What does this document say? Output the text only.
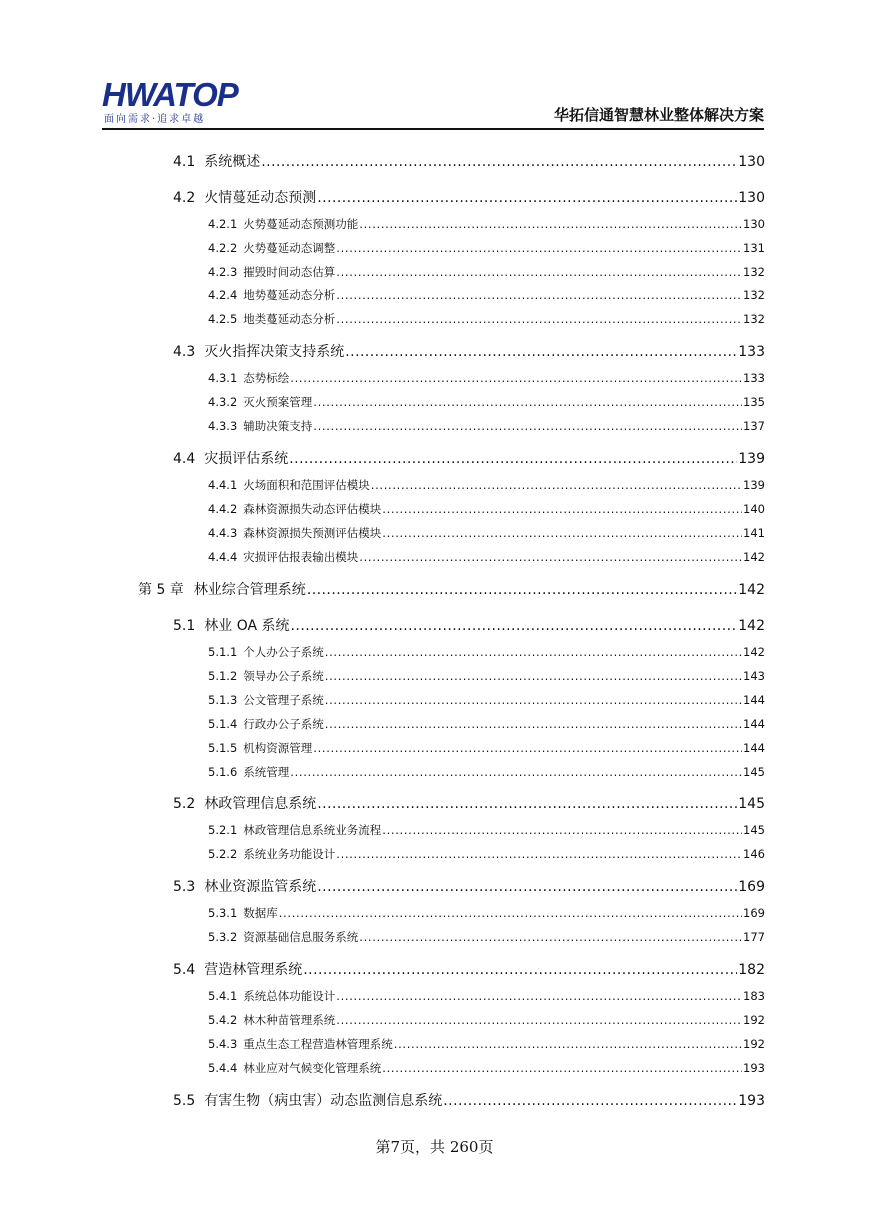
HWATOP
面向需求·追求卓越	华拓信通智慧林业整体解决方案
4.1 系统概述 . . .	130
4.2 火情蔓延动态预测 . . .	130
4.2.1 火势蔓延动态预测功能 . . .	130
4.2.2 火势蔓延动态调整 . . .	131
4.2.3 摧毁时间动态估算 . . .	132
4.2.4 地势蔓延动态分析 . . .	132
4.2.5 地类蔓延动态分析 . . .	132
4.3 灭火指挥决策支持系统 . . .	133
4.3.1 态势标绘 . . .	133
4.3.2 灭火预案管理 . . .	135
4.3.3 辅助决策支持 . . .	137
4.4 灾损评估系统 . . .	139
4.4.1 火场面积和范围评估模块 . . .	139
4.4.2 森林资源损失动态评估模块 . . .	140
4.4.3 森林资源损失预测评估模块 . . .	141
4.4.4 灾损评估报表输出模块 . . .	142
第 5 章 林业综合管理系统 . . .	142
5.1 林业 OA 系统 . . .	142
5.1.1 个人办公子系统 . . .	142
5.1.2 领导办公子系统 . . .	143
5.1.3 公文管理子系统 . . .	144
5.1.4 行政办公子系统 . . .	144
5.1.5 机构资源管理 . . .	144
5.1.6 系统管理 . . .	145
5.2 林政管理信息系统 . . .	145
5.2.1 林政管理信息系统业务流程 . . .	145
5.2.2 系统业务功能设计 . . .	146
5.3 林业资源监管系统 . . .	169
5.3.1 数据库 . . .	169
5.3.2 资源基础信息服务系统 . . .	177
5.4 营造林管理系统 . . .	182
5.4.1 系统总体功能设计 . . .	183
5.4.2 林木种苗管理系统 . . .	192
5.4.3 重点生态工程营造林管理系统 . . .	192
5.4.4 林业应对气候变化管理系统 . . .	193
5.5 有害生物（病虫害）动态监测信息系统 . . .	193
第7页，共 260页
